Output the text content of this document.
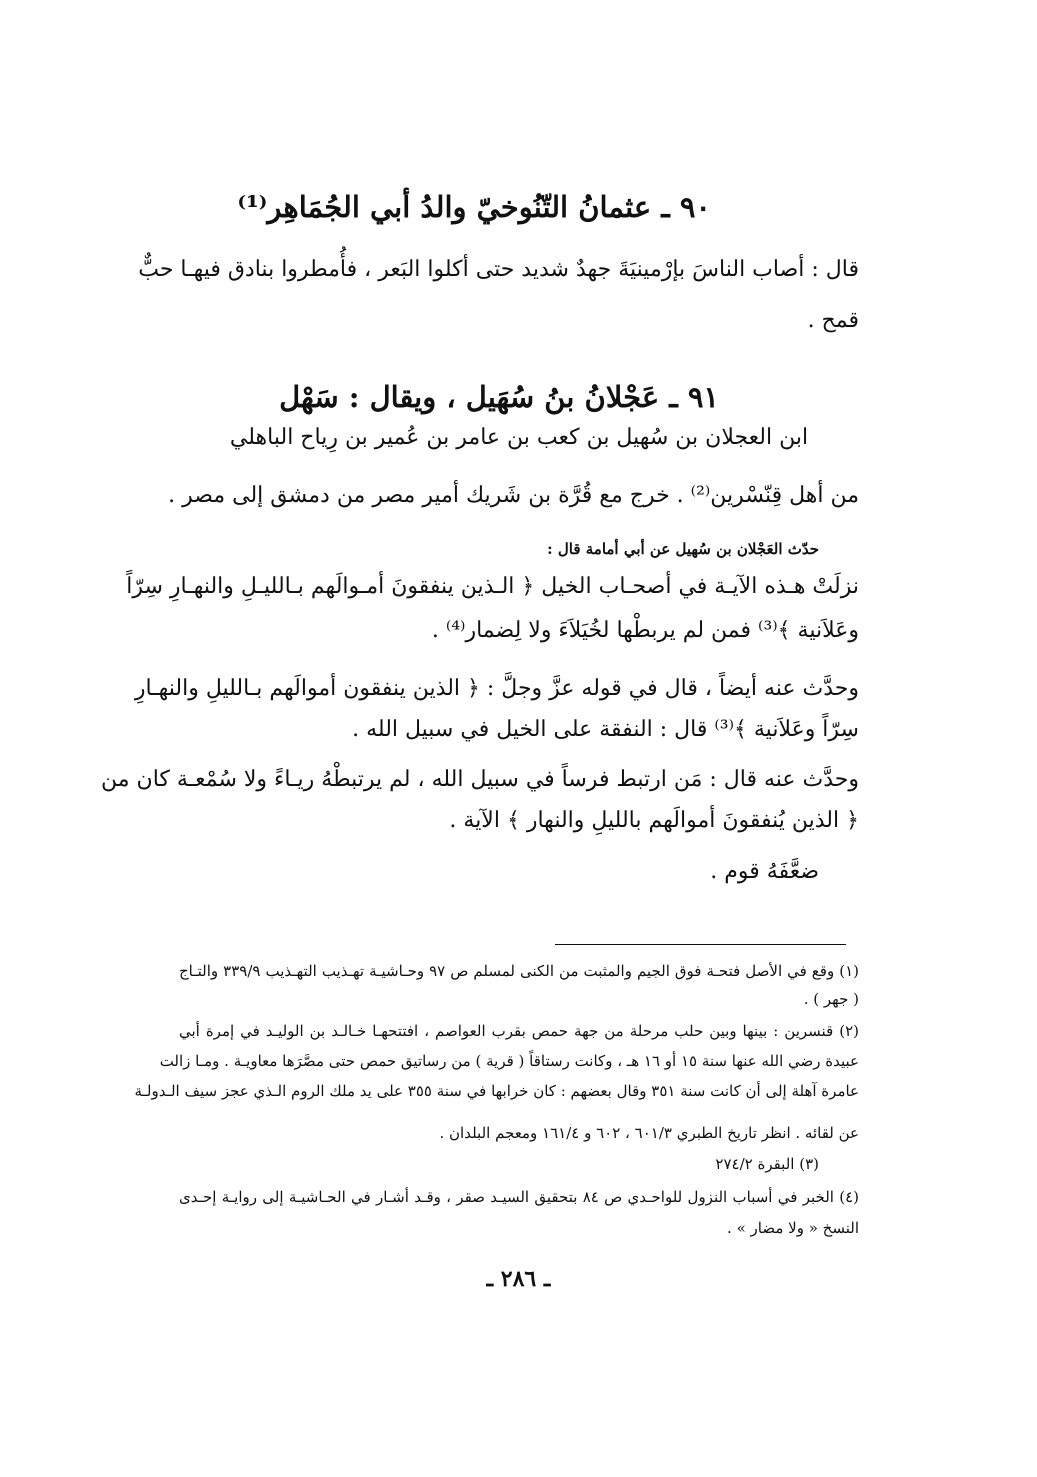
٩٠ ـ عثمانُ التّنُوخيّ والدُ أبي الجُمَاهِر⁽¹⁾
قال : أصاب الناسَ بإرْمينيَةَ جهدٌ شديد حتى أكلوا البَعر ، فأُمطروا بنادق فيهـا حبٌّ
قمح .
٩١ ـ عَجْلانُ بنُ سُهَيل ، ويقال : سَهْل
ابن العجلان بن سُهيل بن كعب بن عامر بن عُمير بن رِياح الباهلي
من أهل قِنّسْرين⁽²⁾ . خرج مع قُرَّة بن شَريك أمير مصر من دمشق إلى مصر .
حدّث العَجْلان بن سُهيل عن أبي أمامة قال :
نزلَتْ هـذه الآيـة في أصحـاب الخيل ﴿ الـذين ينفقونَ أمـوالَهم بـالليـلِ والنهـارِ سِرّاً
وعَلاَنية ﴾⁽³⁾ فمن لم يربطْها لخُيَلاَءَ ولا لِضمار⁽⁴⁾ .
وحدَّث عنه أيضاً ، قال في قوله عزَّ وجلَّ : ﴿ الذين ينفقون أموالَهم بـالليلِ والنهـارِ
سِرّاً وعَلاَنية ﴾⁽³⁾ قال : النفقة على الخيل في سبيل الله .
وحدَّث عنه قال : مَن ارتبط فرساً في سبيل الله ، لم يرتبطْهُ ريـاءً ولا سُمْعـة كان من
﴿ الذين يُنفقونَ أموالَهم بالليلِ والنهار ﴾ الآية .
ضعَّفَهُ قوم .
(١) وقع في الأصل فتحـة فوق الجيم والمثبت من الكنى لمسلم ص ٩٧ وحـاشيـة تهـذيب التهـذيب ٣٣٩/٩ والتـاج
( جهر ) .
(٢) قنسرين : بينها وبين حلب مرحلة من جهة حمص بقرب العواصم ، افتتحهـا خـالـد بن الوليـد في إمرة أبي
عبيدة رضي الله عنها سنة ١٥ أو ١٦ هـ ، وكانت رستاقاً ( قرية ) من رساتيق حمص حتى مصَّرَها معاويـة . ومـا زالت
عامرة آهلة إلى أن كانت سنة ٣٥١ وقال بعضهم : كان خرابها في سنة ٣٥٥ على يد ملك الروم الـذي عجز سيف الـدولـة
عن لقائه . انظر تاريخ الطبري ٦٠١/٣ ، ٦٠٢ و ١٦١/٤ ومعجم البلدان .
(٣) البقرة ٢٧٤/٢
(٤) الخبر في أسباب النزول للواحـدي ص ٨٤ بتحقيق السيـد صقر ، وقـد أشـار في الحـاشيـة إلى روايـة إحـدى
النسخ « ولا مضار » .
ـ ٢٨٦ ـ
